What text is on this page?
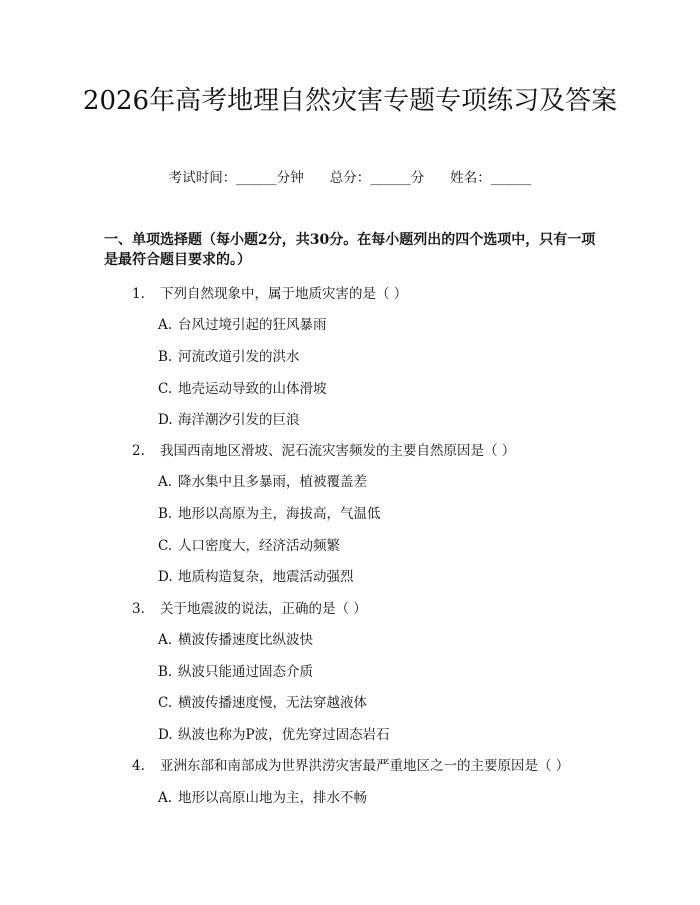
2026年高考地理自然灾害专题专项练习及答案
考试时间：______分钟 总分：______分 姓名：______

一、单项选择题（每小题2分，共30分。在每小题列出的四个选项中，只有一项是最符合题目要求的。）

1. 下列自然现象中，属于地质灾害的是（ ）
A. 台风过境引起的狂风暴雨
B. 河流改道引发的洪水
C. 地壳运动导致的山体滑坡
D. 海洋潮汐引发的巨浪
2. 我国西南地区滑坡、泥石流灾害频发的主要自然原因是（ ）
A. 降水集中且多暴雨，植被覆盖差
B. 地形以高原为主，海拔高，气温低
C. 人口密度大，经济活动频繁
D. 地质构造复杂，地震活动强烈
3. 关于地震波的说法，正确的是（ ）
A. 横波传播速度比纵波快
B. 纵波只能通过固态介质
C. 横波传播速度慢，无法穿越液体
D. 纵波也称为P波，优先穿过固态岩石
4. 亚洲东部和南部成为世界洪涝灾害最严重地区之一的主要原因是（ ）
A. 地形以高原山地为主，排水不畅
